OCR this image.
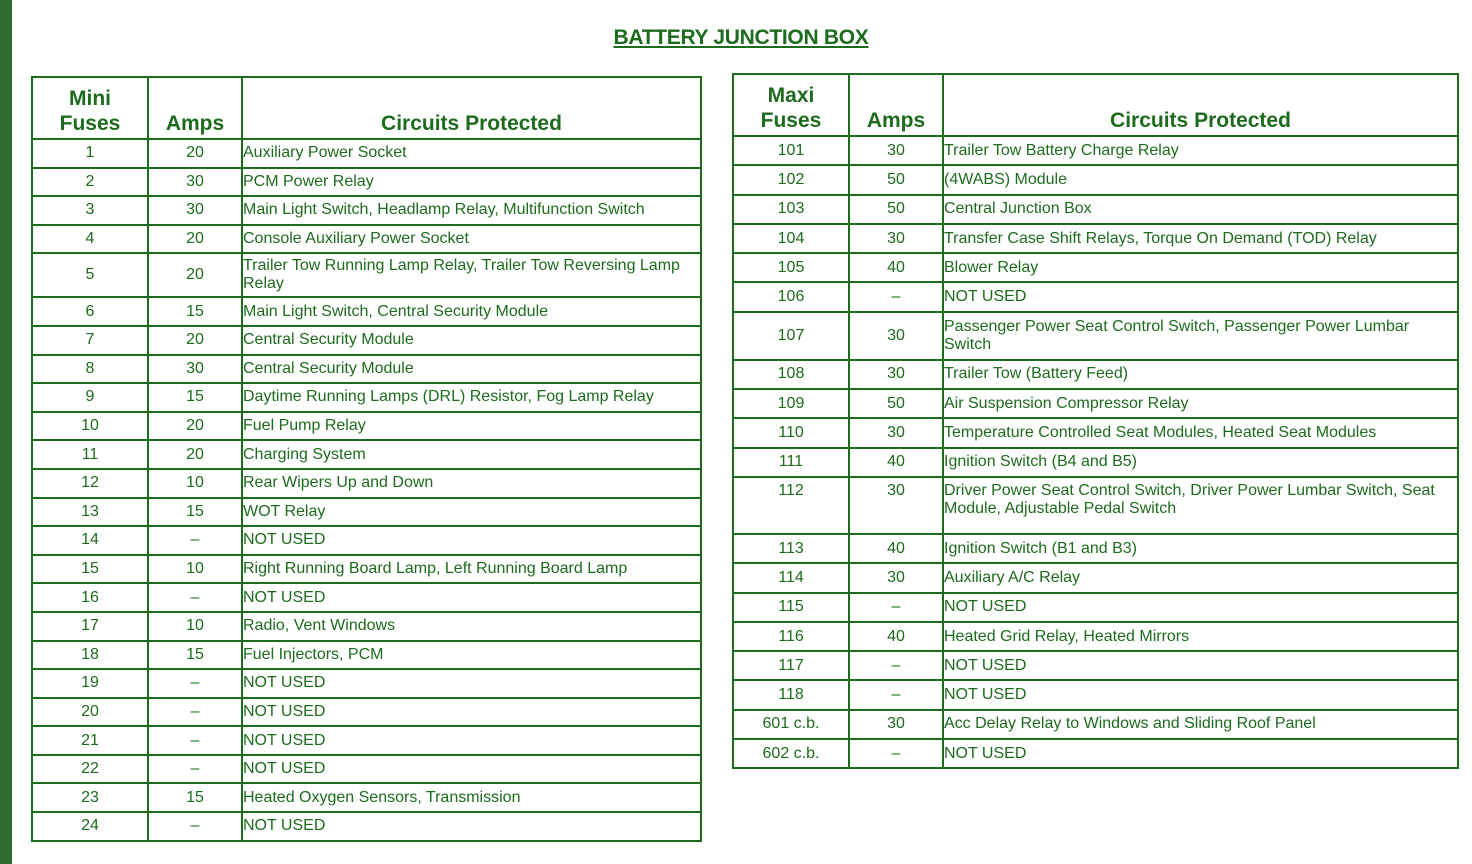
BATTERY JUNCTION BOX
Mini
Fuses	Amps	Circuits Protected
1	20	Auxiliary Power Socket
2	30	PCM Power Relay
3	30	Main Light Switch, Headlamp Relay, Multifunction Switch
4	20	Console Auxiliary Power Socket
5	20	Trailer Tow Running Lamp Relay, Trailer Tow Reversing Lamp Relay
6	15	Main Light Switch, Central Security Module
7	20	Central Security Module
8	30	Central Security Module
9	15	Daytime Running Lamps (DRL) Resistor, Fog Lamp Relay
10	20	Fuel Pump Relay
11	20	Charging System
12	10	Rear Wipers Up and Down
13	15	WOT Relay
14	–	NOT USED
15	10	Right Running Board Lamp, Left Running Board Lamp
16	–	NOT USED
17	10	Radio, Vent Windows
18	15	Fuel Injectors, PCM
19	–	NOT USED
20	–	NOT USED
21	–	NOT USED
22	–	NOT USED
23	15	Heated Oxygen Sensors, Transmission
24	–	NOT USED
Maxi
Fuses	Amps	Circuits Protected
101	30	Trailer Tow Battery Charge Relay
102	50	(4WABS) Module
103	50	Central Junction Box
104	30	Transfer Case Shift Relays, Torque On Demand (TOD) Relay
105	40	Blower Relay
106	–	NOT USED
107	30	Passenger Power Seat Control Switch, Passenger Power Lumbar Switch
108	30	Trailer Tow (Battery Feed)
109	50	Air Suspension Compressor Relay
110	30	Temperature Controlled Seat Modules, Heated Seat Modules
111	40	Ignition Switch (B4 and B5)
112	30	Driver Power Seat Control Switch, Driver Power Lumbar Switch, Seat Module, Adjustable Pedal Switch
113	40	Ignition Switch (B1 and B3)
114	30	Auxiliary A/C Relay
115	–	NOT USED
116	40	Heated Grid Relay, Heated Mirrors
117	–	NOT USED
118	–	NOT USED
601 c.b.	30	Acc Delay Relay to Windows and Sliding Roof Panel
602 c.b.	–	NOT USED
